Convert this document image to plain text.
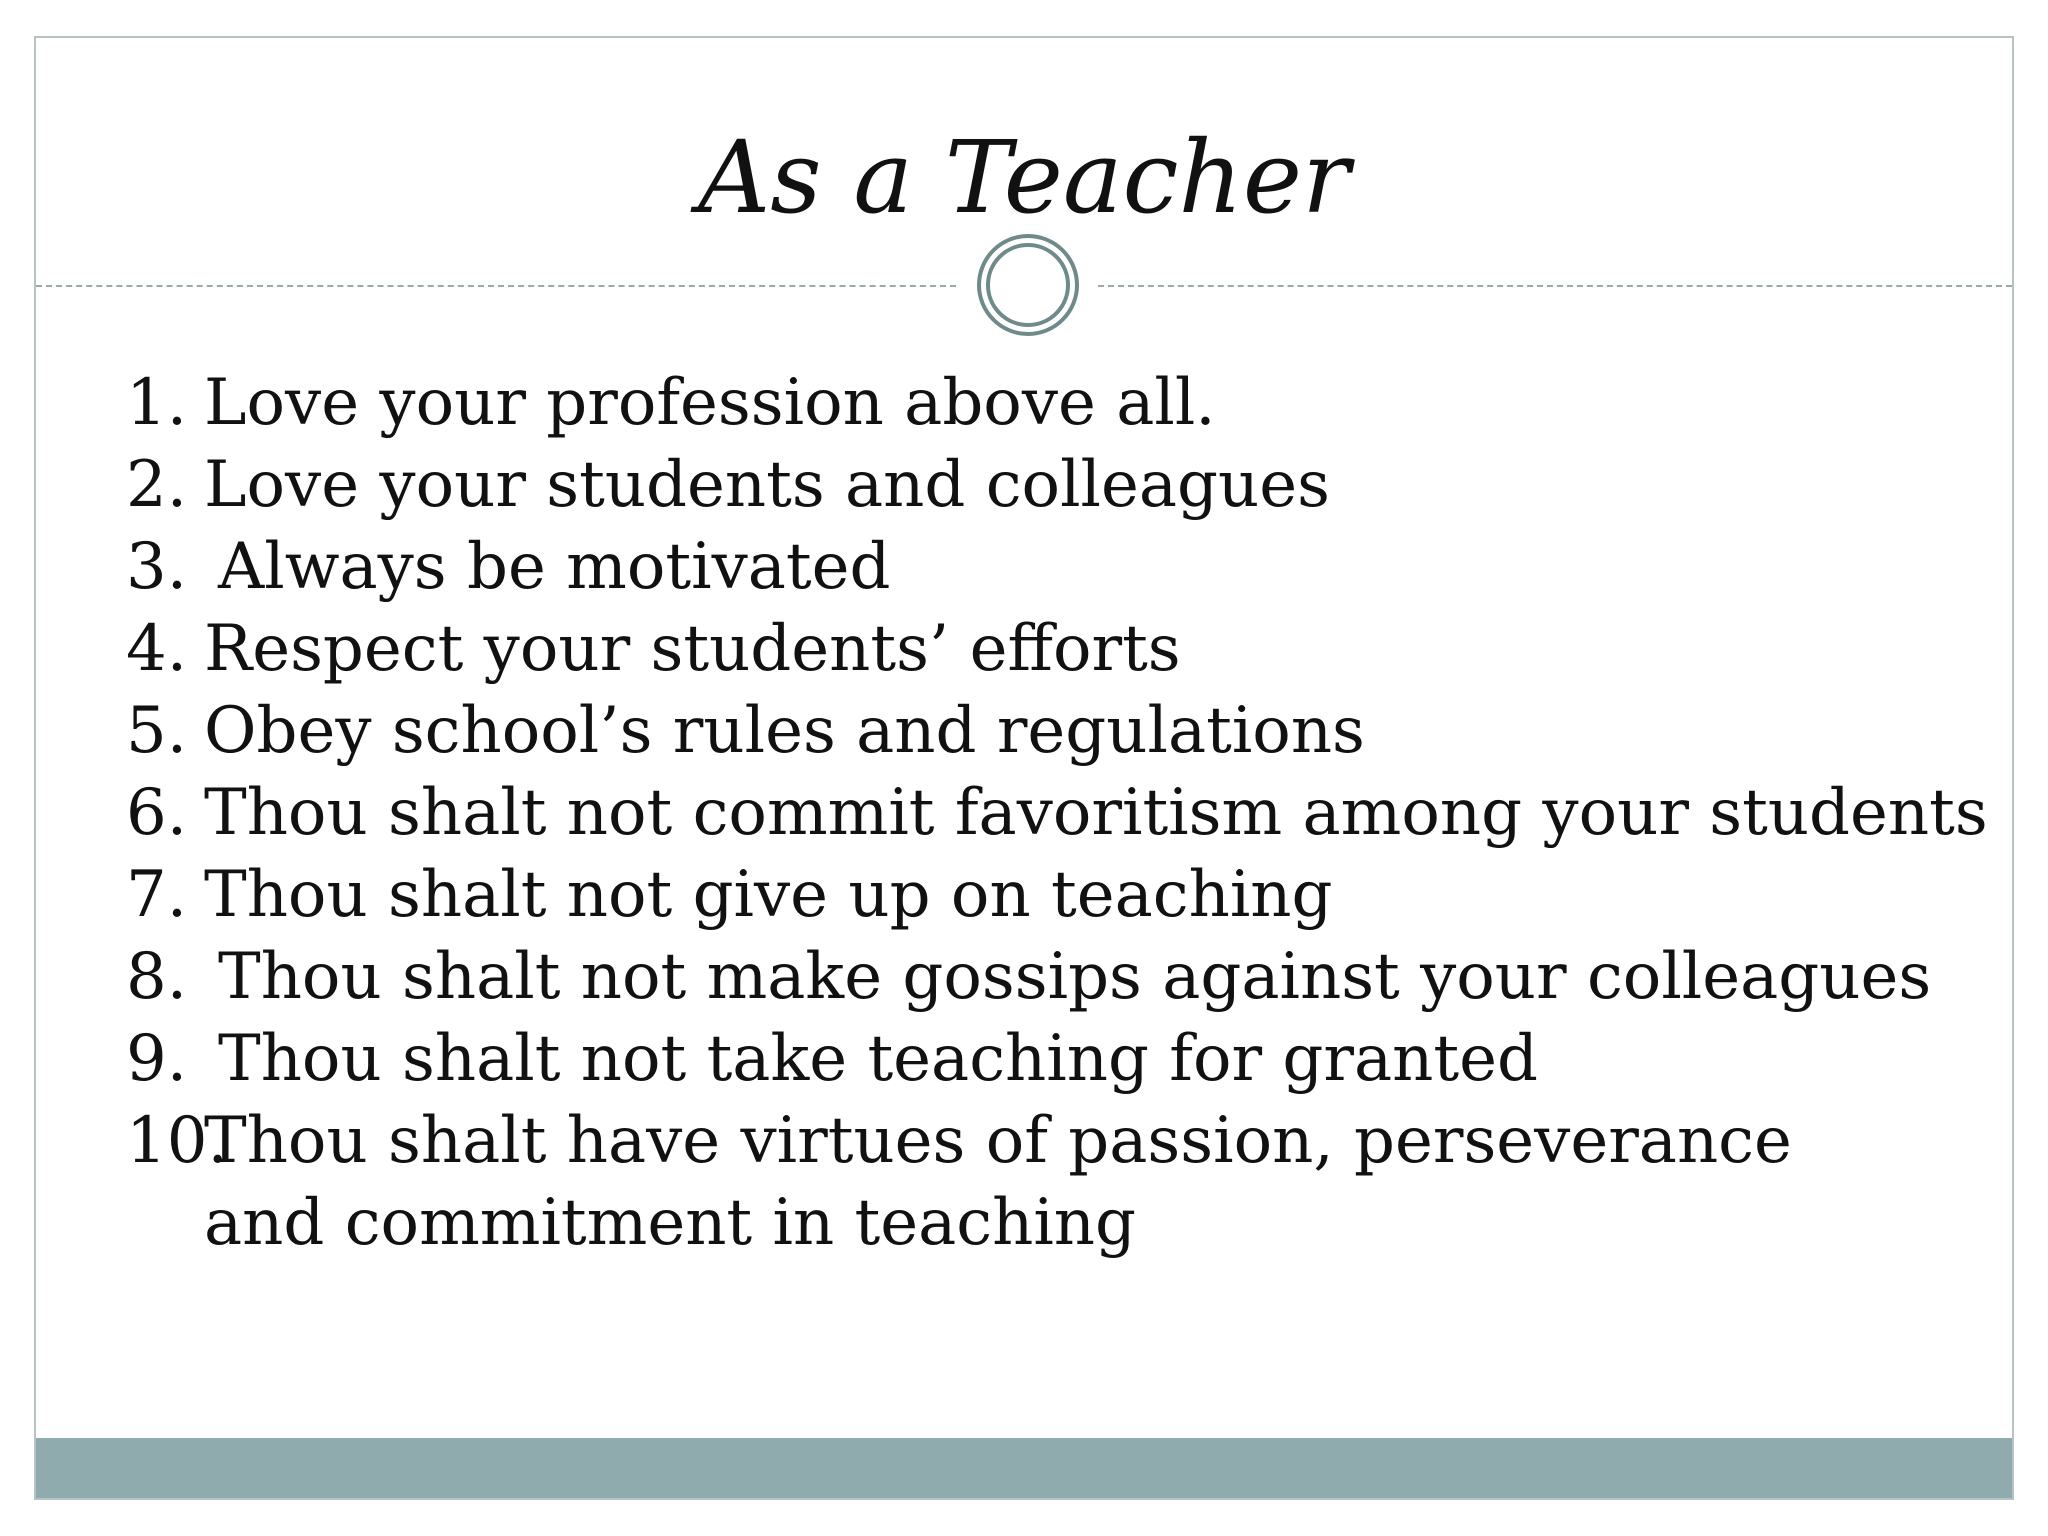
As a Teacher
1. Love your profession above all.
2. Love your students and colleagues
3. Always be motivated
4. Respect your students’ efforts
5. Obey school’s rules and regulations
6. Thou shalt not commit favoritism among your students
7. Thou shalt not give up on teaching
8. Thou shalt not make gossips against your colleagues
9. Thou shalt not take teaching for granted
10.
Thou shalt have virtues of passion, perseverance and commitment in teaching
